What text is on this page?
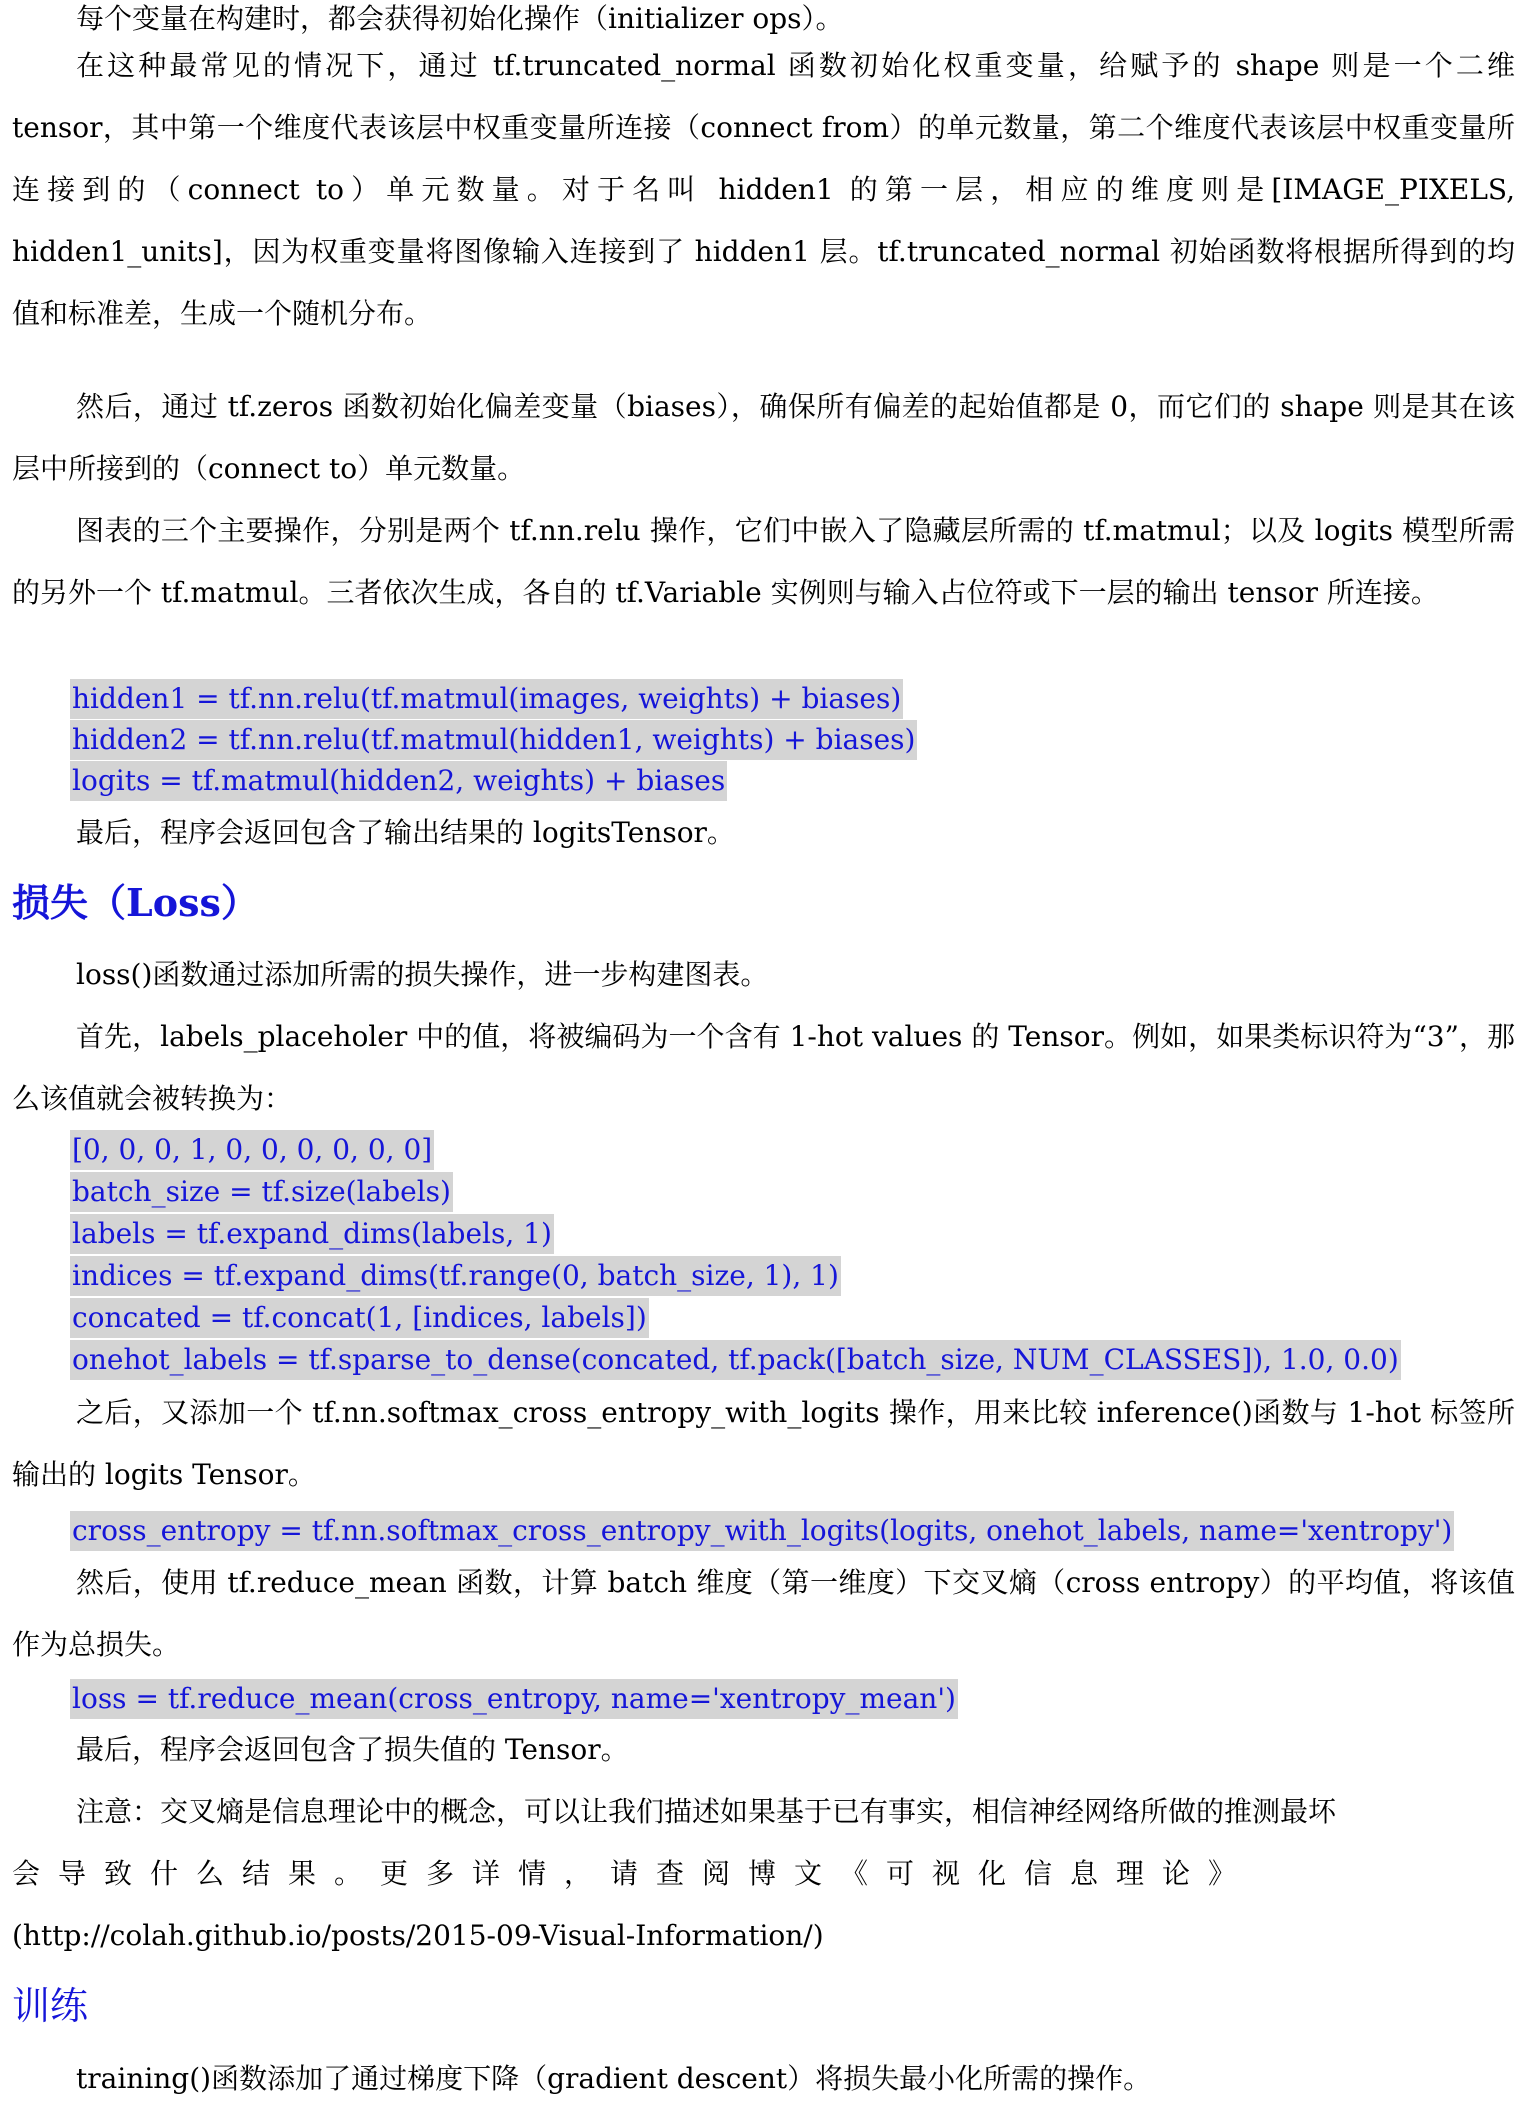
每个变量在构建时，都会获得初始化操作（initializer ops）。

在这种最常见的情况下，通过 tf.truncated_normal 函数初始化权重变量，给赋予的 shape 则是一个二维 tensor，其中第一个维度代表该层中权重变量所连接（connect from）的单元数量，第二个维度代表该层中权重变量所连接到的（connect to）单元数量。对于名叫 hidden1 的第一层，相应的维度则是[IMAGE_PIXELS, hidden1_units]，因为权重变量将图像输入连接到了 hidden1 层。tf.truncated_normal 初始函数将根据所得到的均值和标准差，生成一个随机分布。

然后，通过 tf.zeros 函数初始化偏差变量（biases），确保所有偏差的起始值都是 0，而它们的 shape 则是其在该层中所接到的（connect to）单元数量。

图表的三个主要操作，分别是两个 tf.nn.relu 操作，它们中嵌入了隐藏层所需的 tf.matmul；以及 logits 模型所需的另外一个 tf.matmul。三者依次生成，各自的 tf.Variable 实例则与输入占位符或下一层的输出 tensor 所连接。

hidden1 = tf.nn.relu(tf.matmul(images, weights) + biases)
hidden2 = tf.nn.relu(tf.matmul(hidden1, weights) + biases)
logits = tf.matmul(hidden2, weights) + biases

最后，程序会返回包含了输出结果的 logitsTensor。

损失（Loss）

loss()函数通过添加所需的损失操作，进一步构建图表。

首先，labels_placeholer 中的值，将被编码为一个含有 1-hot values 的 Tensor。例如，如果类标识符为“3”，那么该值就会被转换为：

[0, 0, 0, 1, 0, 0, 0, 0, 0, 0]
batch_size = tf.size(labels)
labels = tf.expand_dims(labels, 1)
indices = tf.expand_dims(tf.range(0, batch_size, 1), 1)
concated = tf.concat(1, [indices, labels])
onehot_labels = tf.sparse_to_dense(concated, tf.pack([batch_size, NUM_CLASSES]), 1.0, 0.0)

之后，又添加一个 tf.nn.softmax_cross_entropy_with_logits 操作，用来比较 inference()函数与 1-hot 标签所输出的 logits Tensor。

cross_entropy = tf.nn.softmax_cross_entropy_with_logits(logits, onehot_labels, name='xentropy')

然后，使用 tf.reduce_mean 函数，计算 batch 维度（第一维度）下交叉熵（cross entropy）的平均值，将该值作为总损失。

loss = tf.reduce_mean(cross_entropy, name='xentropy_mean')

最后，程序会返回包含了损失值的 Tensor。

注意：交叉熵是信息理论中的概念，可以让我们描述如果基于已有事实，相信神经网络所做的推测最坏

会导致什么结果。更多详情，请查阅博文《可视化信息理论》

(http://colah.github.io/posts/2015-09-Visual-Information/)

训练

training()函数添加了通过梯度下降（gradient descent）将损失最小化所需的操作。
